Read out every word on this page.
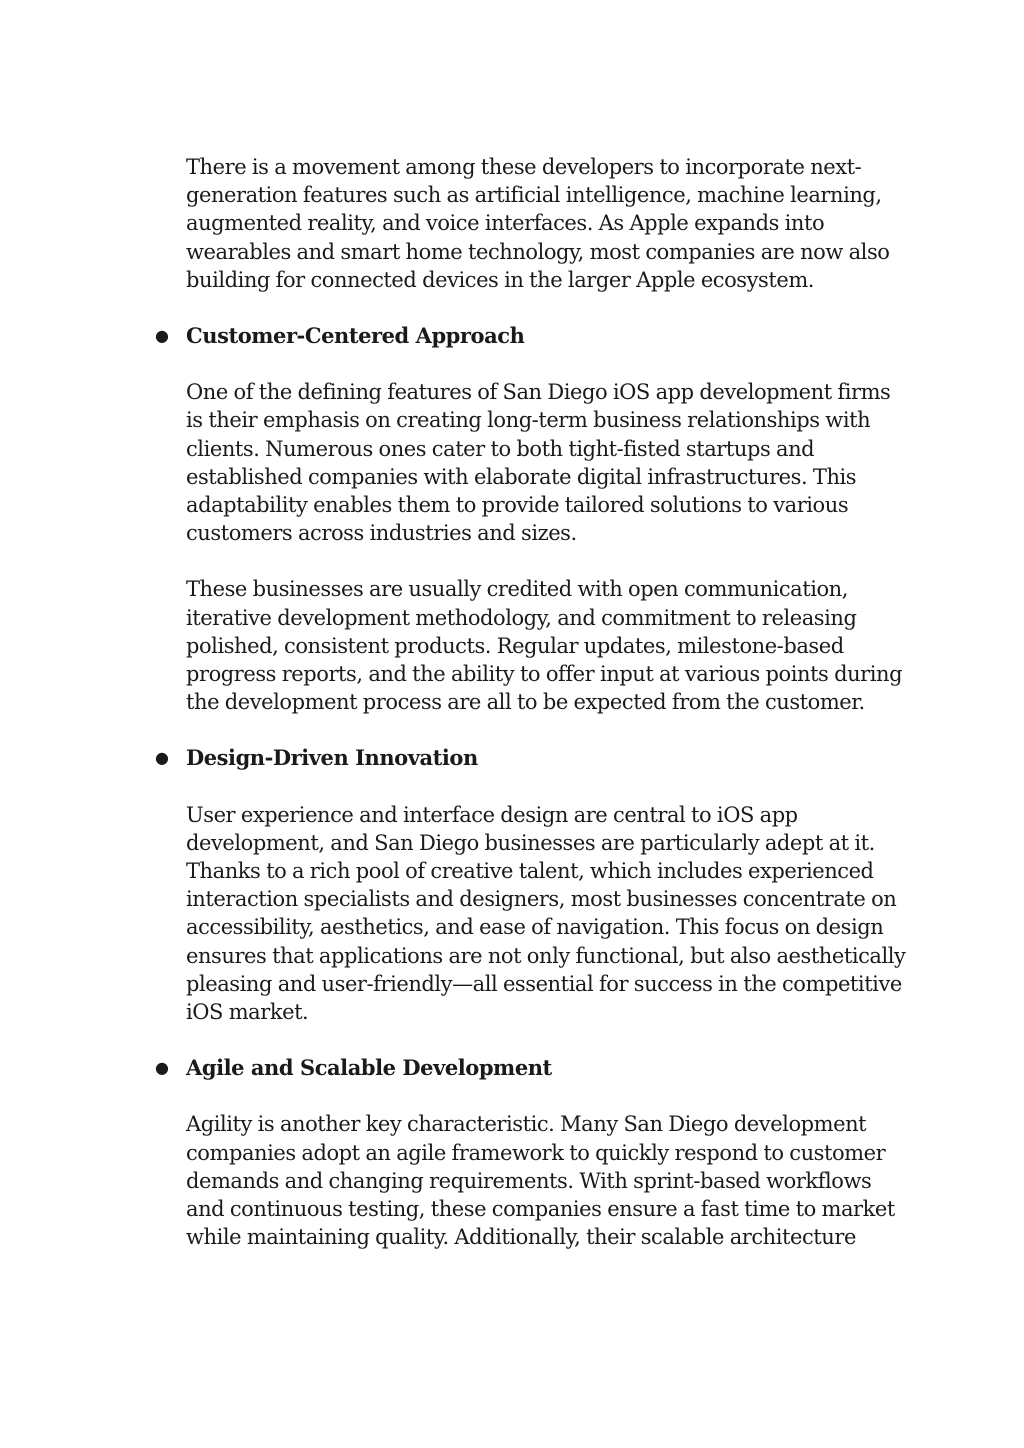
There is a movement among these developers to incorporate next-generation features such as artificial intelligence, machine learning, augmented reality, and voice interfaces. As Apple expands into wearables and smart home technology, most companies are now also building for connected devices in the larger Apple ecosystem.

● Customer-Centered Approach

One of the defining features of San Diego iOS app development firms is their emphasis on creating long-term business relationships with clients. Numerous ones cater to both tight-fisted startups and established companies with elaborate digital infrastructures. This adaptability enables them to provide tailored solutions to various customers across industries and sizes.

These businesses are usually credited with open communication, iterative development methodology, and commitment to releasing polished, consistent products. Regular updates, milestone-based progress reports, and the ability to offer input at various points during the development process are all to be expected from the customer.

● Design-Driven Innovation

User experience and interface design are central to iOS app development, and San Diego businesses are particularly adept at it. Thanks to a rich pool of creative talent, which includes experienced interaction specialists and designers, most businesses concentrate on accessibility, aesthetics, and ease of navigation. This focus on design ensures that applications are not only functional, but also aesthetically pleasing and user-friendly—all essential for success in the competitive iOS market.

● Agile and Scalable Development

Agility is another key characteristic. Many San Diego development companies adopt an agile framework to quickly respond to customer demands and changing requirements. With sprint-based workflows and continuous testing, these companies ensure a fast time to market while maintaining quality. Additionally, their scalable architecture
